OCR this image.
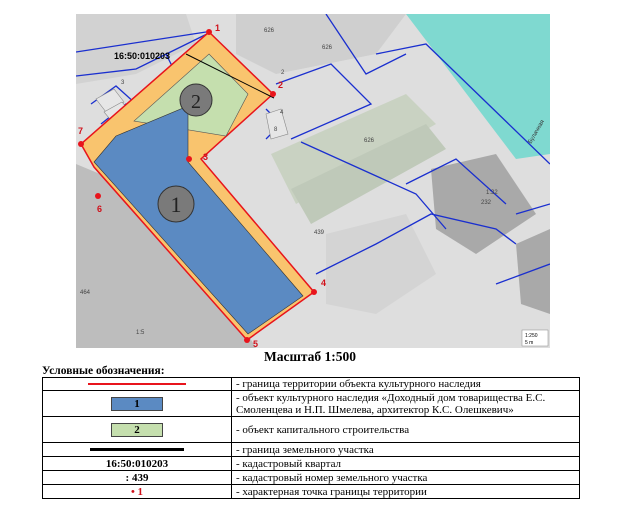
1
2
1
2
3
4
5
6
7
16:50:010203
626
626
626
439
2
8
3
4
1:32
232
464
1:5
Булачная
1:250
5 m
Масштаб 1:500
Условные обозначения:
	- граница территории объекта культурного наследия
1	- объект культурного наследия «Доходный дом товарищества Е.С. Смоленцева и Н.П. Шмелева, архитектор К.С. Олешкевич»
2	- объект капитального строительства
	- граница земельного участка
16:50:010203	- кадастровый квартал
: 439	- кадастровый номер земельного участка
• 1	- характерная точка границы территории
